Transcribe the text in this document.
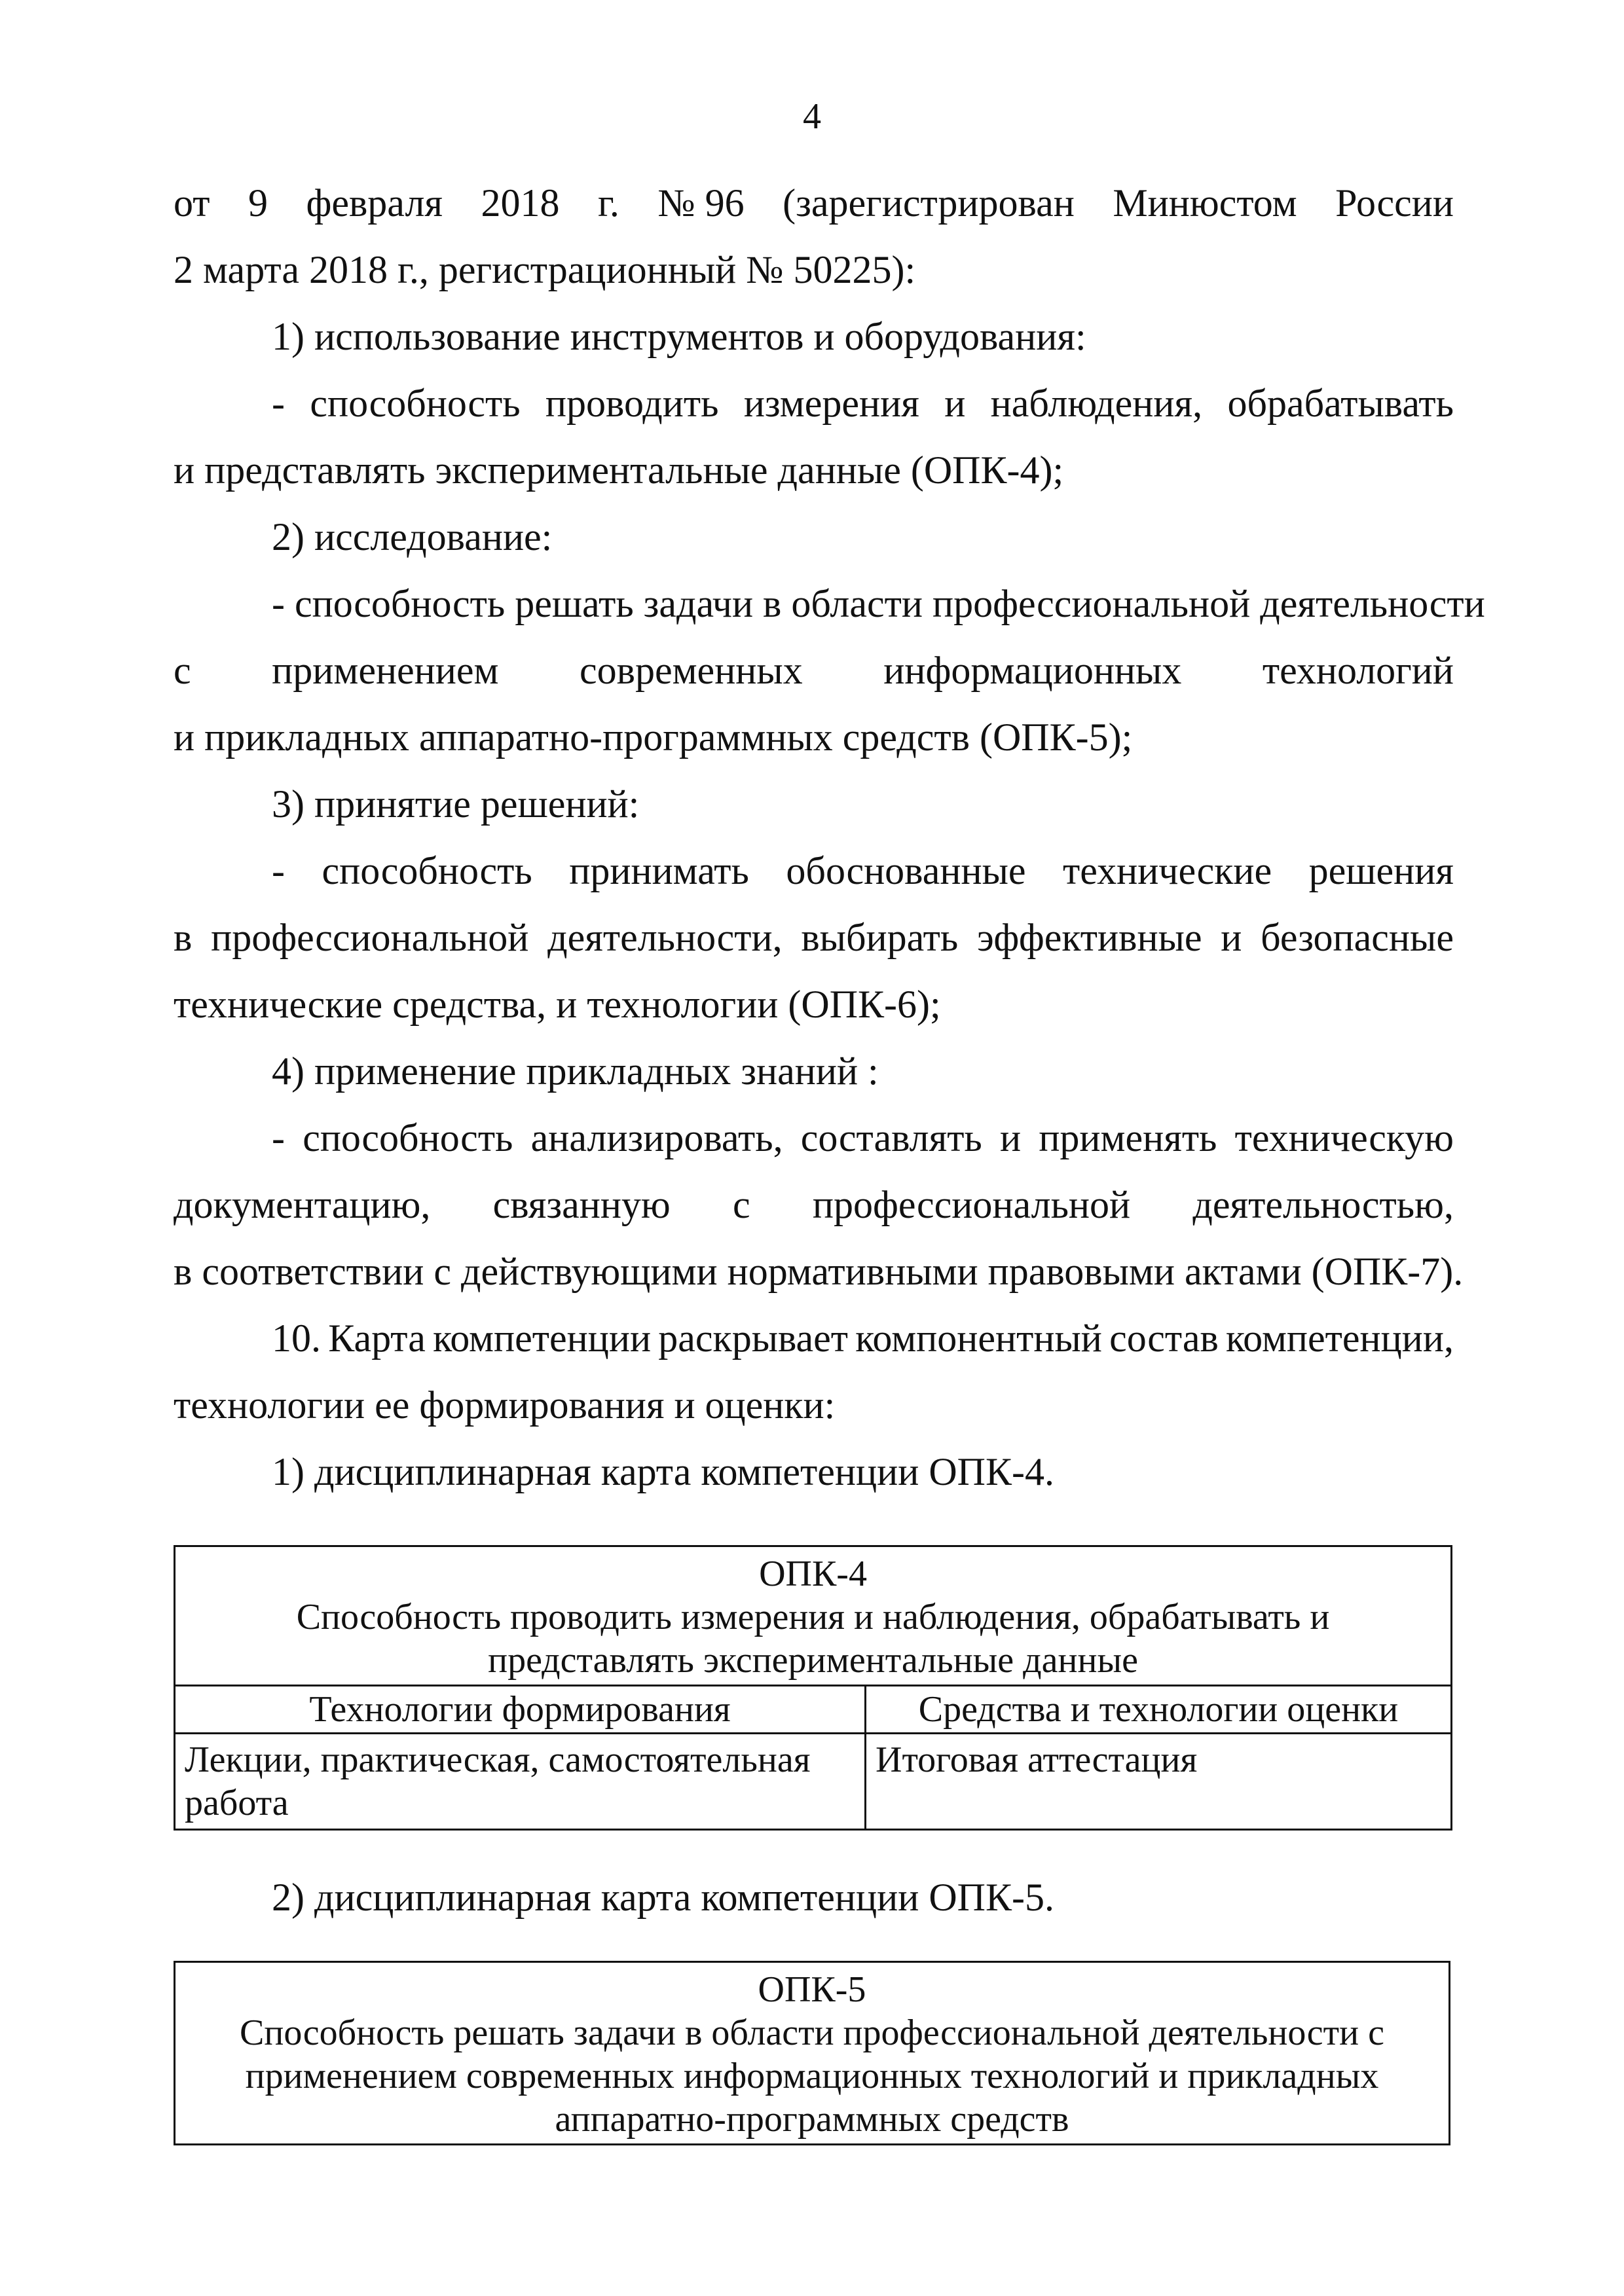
4
от 9 февраля 2018 г. № 96 (зарегистрирован Минюстом России
2 марта 2018 г., регистрационный № 50225):
1) использование инструментов и оборудования:
- способность проводить измерения и наблюдения, обрабатывать
и представлять экспериментальные данные (ОПК-4);
2) исследование:
- способность решать задачи в области профессиональной деятельности
с применением современных информационных технологий
и прикладных аппаратно-программных средств (ОПК-5);
3) принятие решений:
- способность принимать обоснованные технические решения
в профессиональной деятельности, выбирать эффективные и безопасные
технические средства, и технологии (ОПК-6);
4) применение прикладных знаний :
- способность анализировать, составлять и применять техническую
документацию, связанную с профессиональной деятельностью,
в соответствии с действующими нормативными правовыми актами (ОПК-7).
10. Карта компетенции раскрывает компонентный состав компетенции,
технологии ее формирования и оценки:
1) дисциплинарная карта компетенции ОПК-4.
ОПК-4
Способность проводить измерения и наблюдения, обрабатывать и представлять экспериментальные данные	

Технологии формирования	Средства и технологии оценки
Лекции, практическая, самостоятельная работа	Итоговая аттестация
2) дисциплинарная карта компетенции ОПК-5.
ОПК-5
Способность решать задачи в области профессиональной деятельности с применением современных информационных технологий и прикладных аппаратно-программных средств
